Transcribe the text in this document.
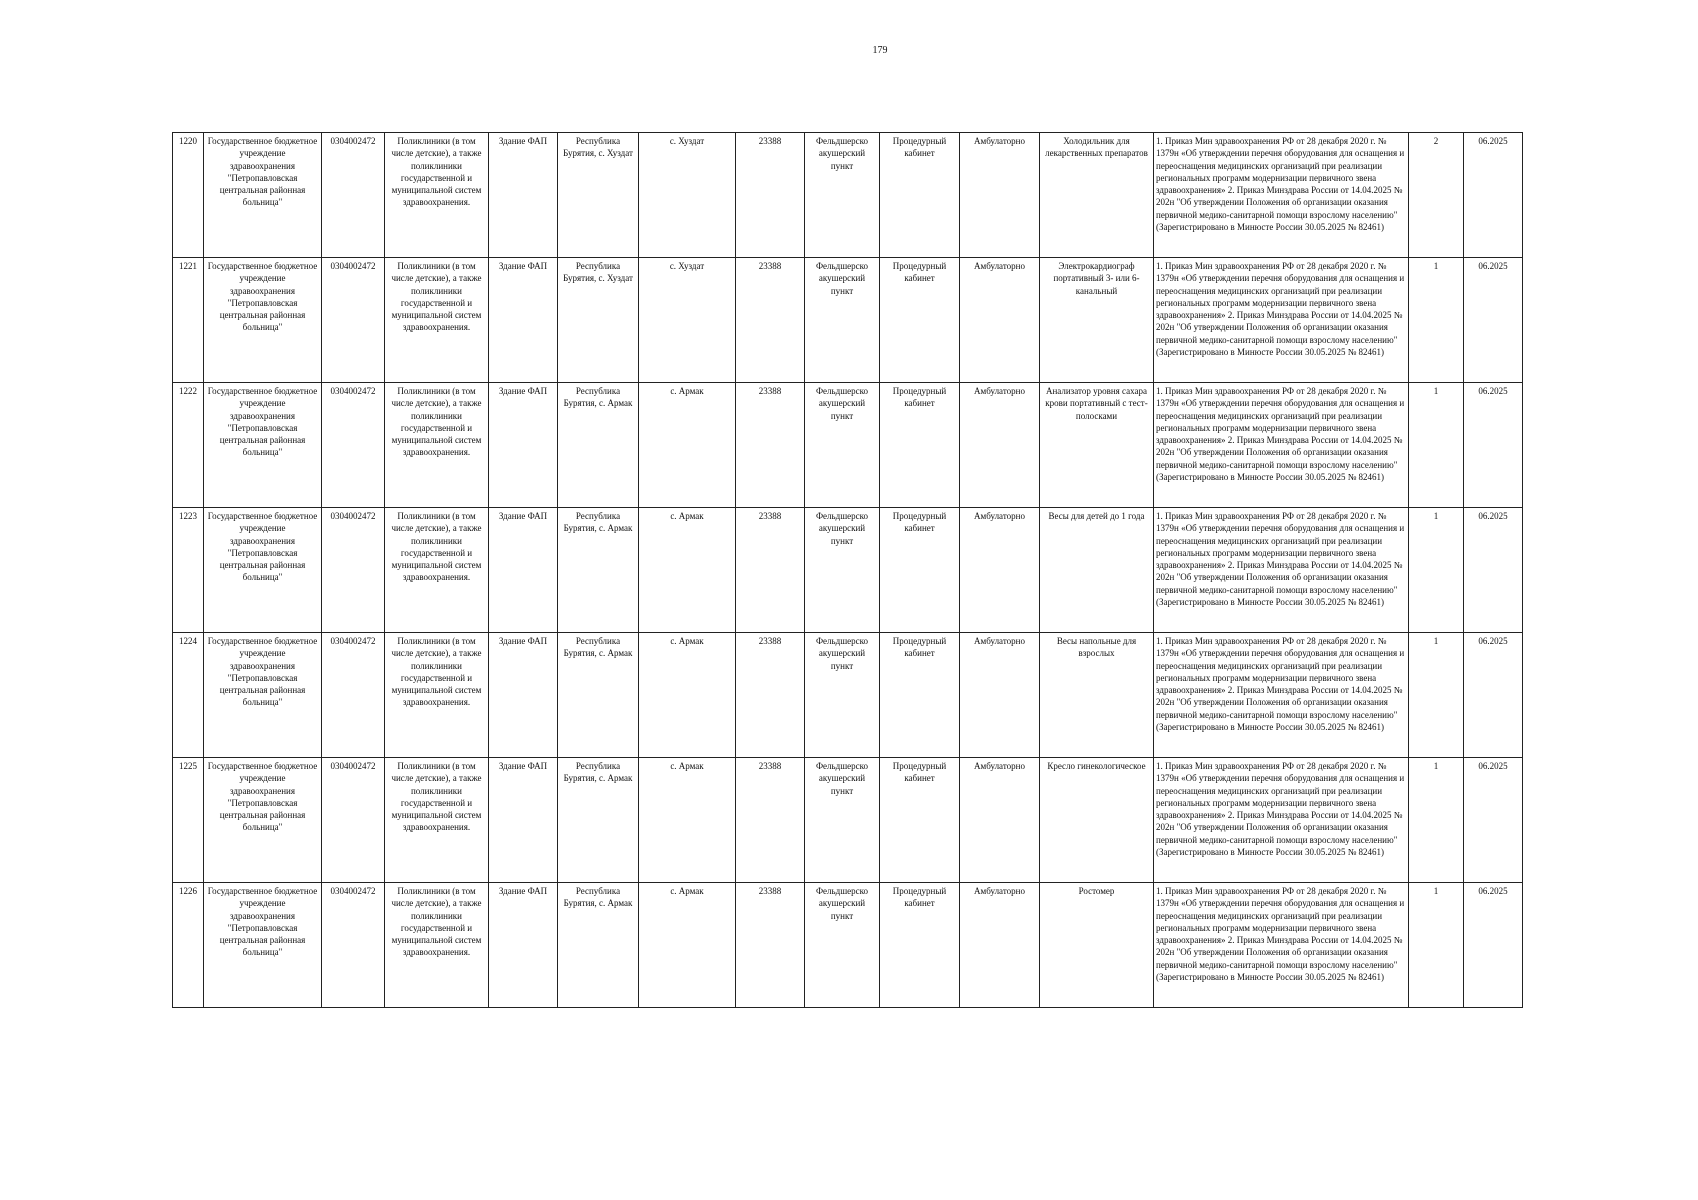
179
1220	Государственное бюджетное учреждение здравоохранения "Петропавловская центральная районная больница"	0304002472	Поликлиники (в том числе детские), а также поликлиники государственной и муниципальной систем здравоохранения.	Здание ФАП	Республика Бурятия, с. Хуздат	с. Хуздат	23388	Фельдшерско акушерский пункт	Процедурный кабинет	Амбулаторно	Холодильник для лекарственных препаратов	1. Приказ Мин здравоохранения РФ от 28 декабря 2020 г. № 1379н «Об утверждении перечня оборудования для оснащения и переоснащения медицинских организаций при реализации региональных программ модернизации первичного звена здравоохранения» 2. Приказ Минздрава России от 14.04.2025 № 202н "Об утверждении Положения об организации оказания первичной медико-санитарной помощи взрослому населению" (Зарегистрировано в Минюсте России 30.05.2025 № 82461)	2	06.2025
1221	Государственное бюджетное учреждение здравоохранения "Петропавловская центральная районная больница"	0304002472	Поликлиники (в том числе детские), а также поликлиники государственной и муниципальной систем здравоохранения.	Здание ФАП	Республика Бурятия, с. Хуздат	с. Хуздат	23388	Фельдшерско акушерский пункт	Процедурный кабинет	Амбулаторно	Электрокардиограф портативный 3- или 6-канальный	1. Приказ Мин здравоохранения РФ от 28 декабря 2020 г. № 1379н «Об утверждении перечня оборудования для оснащения и переоснащения медицинских организаций при реализации региональных программ модернизации первичного звена здравоохранения» 2. Приказ Минздрава России от 14.04.2025 № 202н "Об утверждении Положения об организации оказания первичной медико-санитарной помощи взрослому населению" (Зарегистрировано в Минюсте России 30.05.2025 № 82461)	1	06.2025
1222	Государственное бюджетное учреждение здравоохранения "Петропавловская центральная районная больница"	0304002472	Поликлиники (в том числе детские), а также поликлиники государственной и муниципальной систем здравоохранения.	Здание ФАП	Республика Бурятия, с. Армак	с. Армак	23388	Фельдшерско акушерский пункт	Процедурный кабинет	Амбулаторно	Анализатор уровня сахара крови портативный с тест-полосками	1. Приказ Мин здравоохранения РФ от 28 декабря 2020 г. № 1379н «Об утверждении перечня оборудования для оснащения и переоснащения медицинских организаций при реализации региональных программ модернизации первичного звена здравоохранения» 2. Приказ Минздрава России от 14.04.2025 № 202н "Об утверждении Положения об организации оказания первичной медико-санитарной помощи взрослому населению" (Зарегистрировано в Минюсте России 30.05.2025 № 82461)	1	06.2025
1223	Государственное бюджетное учреждение здравоохранения "Петропавловская центральная районная больница"	0304002472	Поликлиники (в том числе детские), а также поликлиники государственной и муниципальной систем здравоохранения.	Здание ФАП	Республика Бурятия, с. Армак	с. Армак	23388	Фельдшерско акушерский пункт	Процедурный кабинет	Амбулаторно	Весы для детей до 1 года	1. Приказ Мин здравоохранения РФ от 28 декабря 2020 г. № 1379н «Об утверждении перечня оборудования для оснащения и переоснащения медицинских организаций при реализации региональных программ модернизации первичного звена здравоохранения» 2. Приказ Минздрава России от 14.04.2025 № 202н "Об утверждении Положения об организации оказания первичной медико-санитарной помощи взрослому населению" (Зарегистрировано в Минюсте России 30.05.2025 № 82461)	1	06.2025
1224	Государственное бюджетное учреждение здравоохранения "Петропавловская центральная районная больница"	0304002472	Поликлиники (в том числе детские), а также поликлиники государственной и муниципальной систем здравоохранения.	Здание ФАП	Республика Бурятия, с. Армак	с. Армак	23388	Фельдшерско акушерский пункт	Процедурный кабинет	Амбулаторно	Весы напольные для взрослых	1. Приказ Мин здравоохранения РФ от 28 декабря 2020 г. № 1379н «Об утверждении перечня оборудования для оснащения и переоснащения медицинских организаций при реализации региональных программ модернизации первичного звена здравоохранения» 2. Приказ Минздрава России от 14.04.2025 № 202н "Об утверждении Положения об организации оказания первичной медико-санитарной помощи взрослому населению" (Зарегистрировано в Минюсте России 30.05.2025 № 82461)	1	06.2025
1225	Государственное бюджетное учреждение здравоохранения "Петропавловская центральная районная больница"	0304002472	Поликлиники (в том числе детские), а также поликлиники государственной и муниципальной систем здравоохранения.	Здание ФАП	Республика Бурятия, с. Армак	с. Армак	23388	Фельдшерско акушерский пункт	Процедурный кабинет	Амбулаторно	Кресло гинекологическое	1. Приказ Мин здравоохранения РФ от 28 декабря 2020 г. № 1379н «Об утверждении перечня оборудования для оснащения и переоснащения медицинских организаций при реализации региональных программ модернизации первичного звена здравоохранения» 2. Приказ Минздрава России от 14.04.2025 № 202н "Об утверждении Положения об организации оказания первичной медико-санитарной помощи взрослому населению" (Зарегистрировано в Минюсте России 30.05.2025 № 82461)	1	06.2025
1226	Государственное бюджетное учреждение здравоохранения "Петропавловская центральная районная больница"	0304002472	Поликлиники (в том числе детские), а также поликлиники государственной и муниципальной систем здравоохранения.	Здание ФАП	Республика Бурятия, с. Армак	с. Армак	23388	Фельдшерско акушерский пункт	Процедурный кабинет	Амбулаторно	Ростомер	1. Приказ Мин здравоохранения РФ от 28 декабря 2020 г. № 1379н «Об утверждении перечня оборудования для оснащения и переоснащения медицинских организаций при реализации региональных программ модернизации первичного звена здравоохранения» 2. Приказ Минздрава России от 14.04.2025 № 202н "Об утверждении Положения об организации оказания первичной медико-санитарной помощи взрослому населению" (Зарегистрировано в Минюсте России 30.05.2025 № 82461)	1	06.2025
